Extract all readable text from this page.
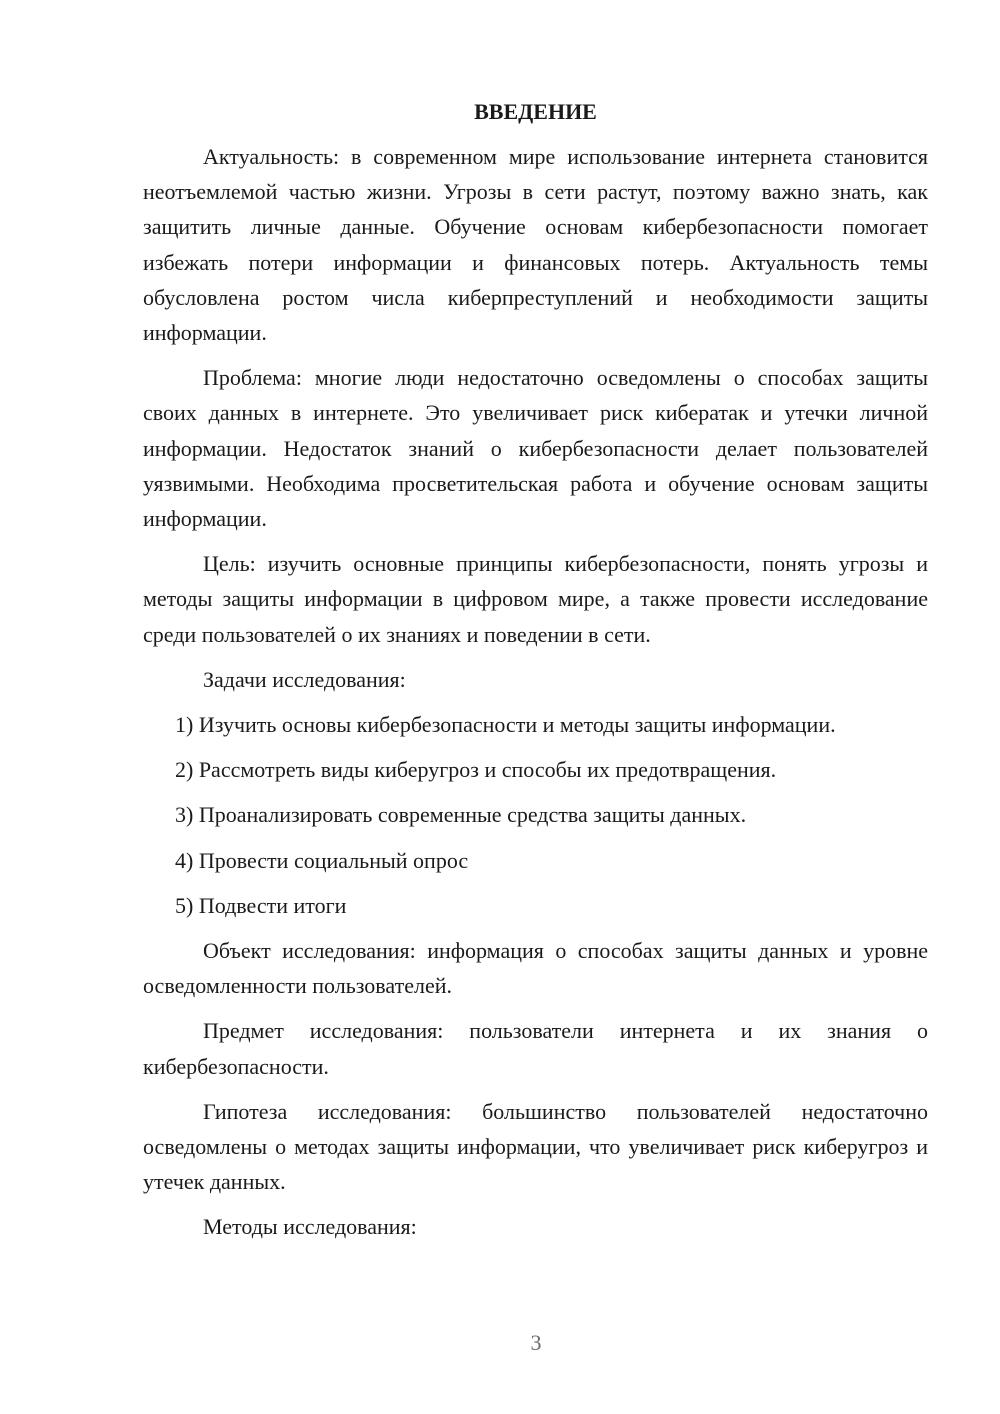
ВВЕДЕНИЕ

Актуальность: в современном мире использование интернета становится неотъемлемой частью жизни. Угрозы в сети растут, поэтому важно знать, как защитить личные данные. Обучение основам кибербезопасности помогает избежать потери информации и финансовых потерь. Актуальность темы обусловлена ростом числа киберпреступлений и необходимости защиты информации.

Проблема: многие люди недостаточно осведомлены о способах защиты своих данных в интернете. Это увеличивает риск кибератак и утечки личной информации. Недостаток знаний о кибербезопасности делает пользователей уязвимыми. Необходима просветительская работа и обучение основам защиты информации.

Цель: изучить основные принципы кибербезопасности, понять угрозы и методы защиты информации в цифровом мире, а также провести исследование среди пользователей о их знаниях и поведении в сети.

Задачи исследования:

1) Изучить основы кибербезопасности и методы защиты информации.
2) Рассмотреть виды киберугроз и способы их предотвращения.
3) Проанализировать современные средства защиты данных.
4) Провести социальный опрос
5) Подвести итоги

Объект исследования: информация о способах защиты данных и уровне осведомленности пользователей.

Предмет исследования: пользователи интернета и их знания о кибербезопасности.

Гипотеза исследования: большинство пользователей недостаточно осведомлены о методах защиты информации, что увеличивает риск киберугроз и утечек данных.

Методы исследования:

3
